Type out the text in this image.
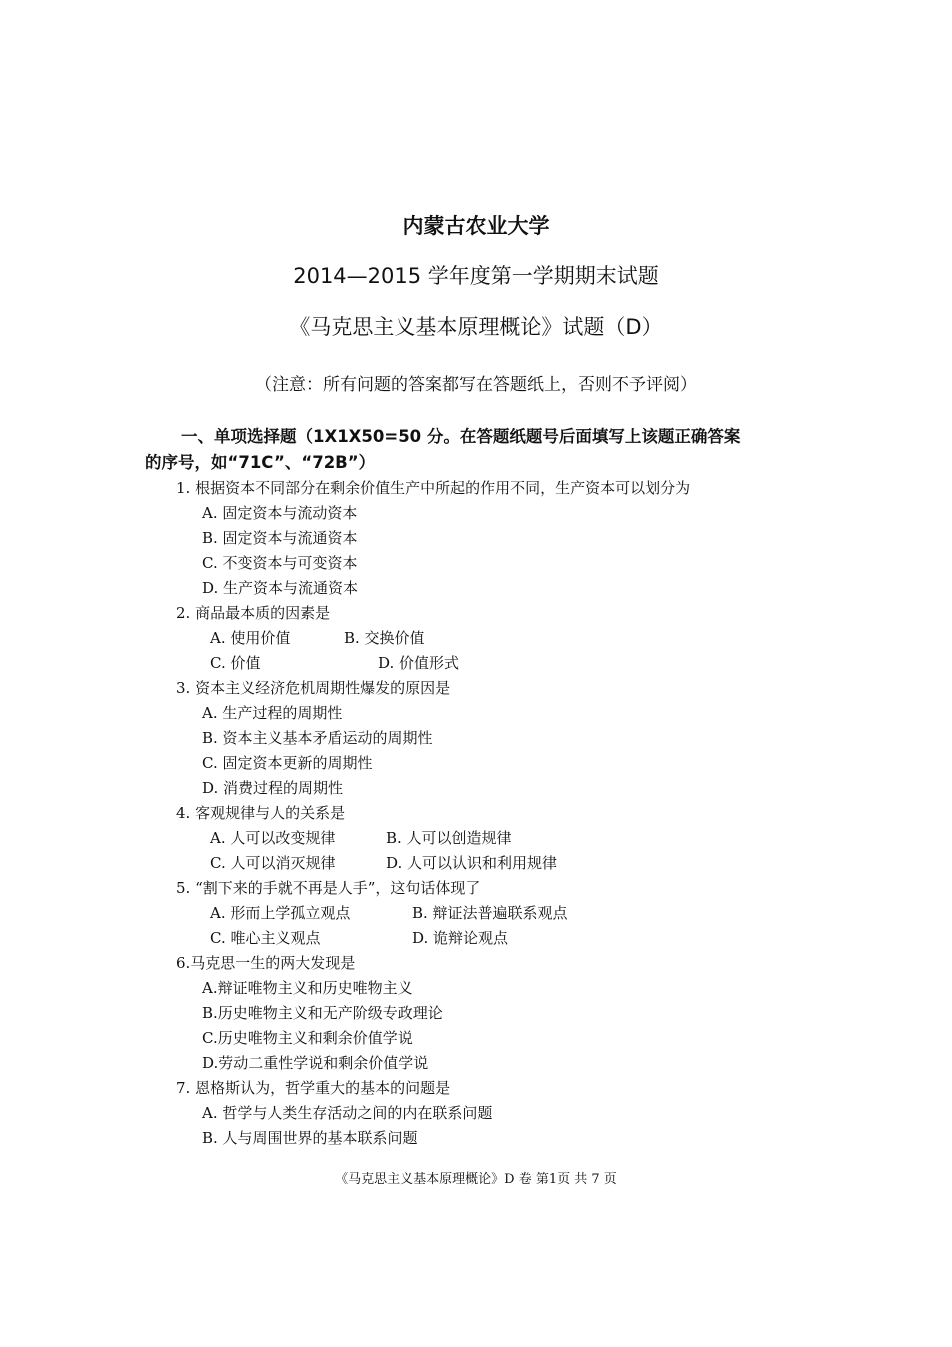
内蒙古农业大学
2014—2015 学年度第一学期期末试题
《马克思主义基本原理概论》试题（D）
（注意：所有问题的答案都写在答题纸上，否则不予评阅）
一、单项选择题（1X1X50=50 分。在答题纸题号后面填写上该题正确答案
的序号，如“71C”、“72B”）
1. 根据资本不同部分在剩余价值生产中所起的作用不同，生产资本可以划分为
A. 固定资本与流动资本
B. 固定资本与流通资本
C. 不变资本与可变资本
D. 生产资本与流通资本
2. 商品最本质的因素是
A. 使用价值	B. 交换价值
C. 价值	D. 价值形式
3. 资本主义经济危机周期性爆发的原因是
A. 生产过程的周期性
B. 资本主义基本矛盾运动的周期性
C. 固定资本更新的周期性
D. 消费过程的周期性
4. 客观规律与人的关系是
A. 人可以改变规律	B. 人可以创造规律
C. 人可以消灭规律	D. 人可以认识和利用规律
5. “割下来的手就不再是人手”，这句话体现了
A. 形而上学孤立观点	B. 辩证法普遍联系观点
C. 唯心主义观点	D. 诡辩论观点
6.马克思一生的两大发现是
A.辩证唯物主义和历史唯物主义
B.历史唯物主义和无产阶级专政理论
C.历史唯物主义和剩余价值学说
D.劳动二重性学说和剩余价值学说
7. 恩格斯认为，哲学重大的基本的问题是
A. 哲学与人类生存活动之间的内在联系问题
B. 人与周围世界的基本联系问题
《马克思主义基本原理概论》D 卷 第1页 共 7 页
